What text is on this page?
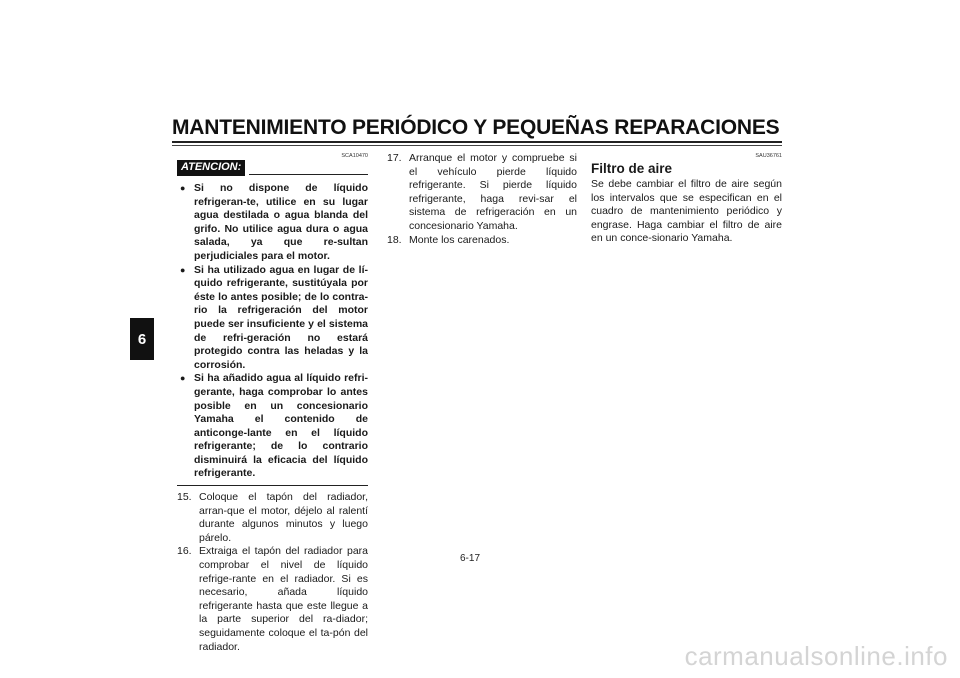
MANTENIMIENTO PERIÓDICO Y PEQUEÑAS REPARACIONES
6
SCA10470
ATENCION:
● Si no dispone de líquido refrigeran-te, utilice en su lugar agua destilada o agua blanda del grifo. No utilice agua dura o agua salada, ya que re-sultan perjudiciales para el motor.
● Si ha utilizado agua en lugar de lí-quido refrigerante, sustitúyala por éste lo antes posible; de lo contra-rio la refrigeración del motor puede ser insuficiente y el sistema de refri-geración no estará protegido contra las heladas y la corrosión.
● Si ha añadido agua al líquido refri-gerante, haga comprobar lo antes posible en un concesionario Yamaha el contenido de anticonge-lante en el líquido refrigerante; de lo contrario disminuirá la eficacia del líquido refrigerante.
15. Coloque el tapón del radiador, arran-que el motor, déjelo al ralentí durante algunos minutos y luego párelo.
16. Extraiga el tapón del radiador para comprobar el nivel de líquido refrige-rante en el radiador. Si es necesario, añada líquido refrigerante hasta que este llegue a la parte superior del ra-diador; seguidamente coloque el ta-pón del radiador.
17. Arranque el motor y compruebe si el vehículo pierde líquido refrigerante. Si pierde líquido refrigerante, haga revi-sar el sistema de refrigeración en un concesionario Yamaha.
18. Monte los carenados.
SAU36761
Filtro de aire
Se debe cambiar el filtro de aire según los intervalos que se especifican en el cuadro de mantenimiento periódico y engrase. Haga cambiar el filtro de aire en un conce-sionario Yamaha.
6-17
carmanualsonline.info
